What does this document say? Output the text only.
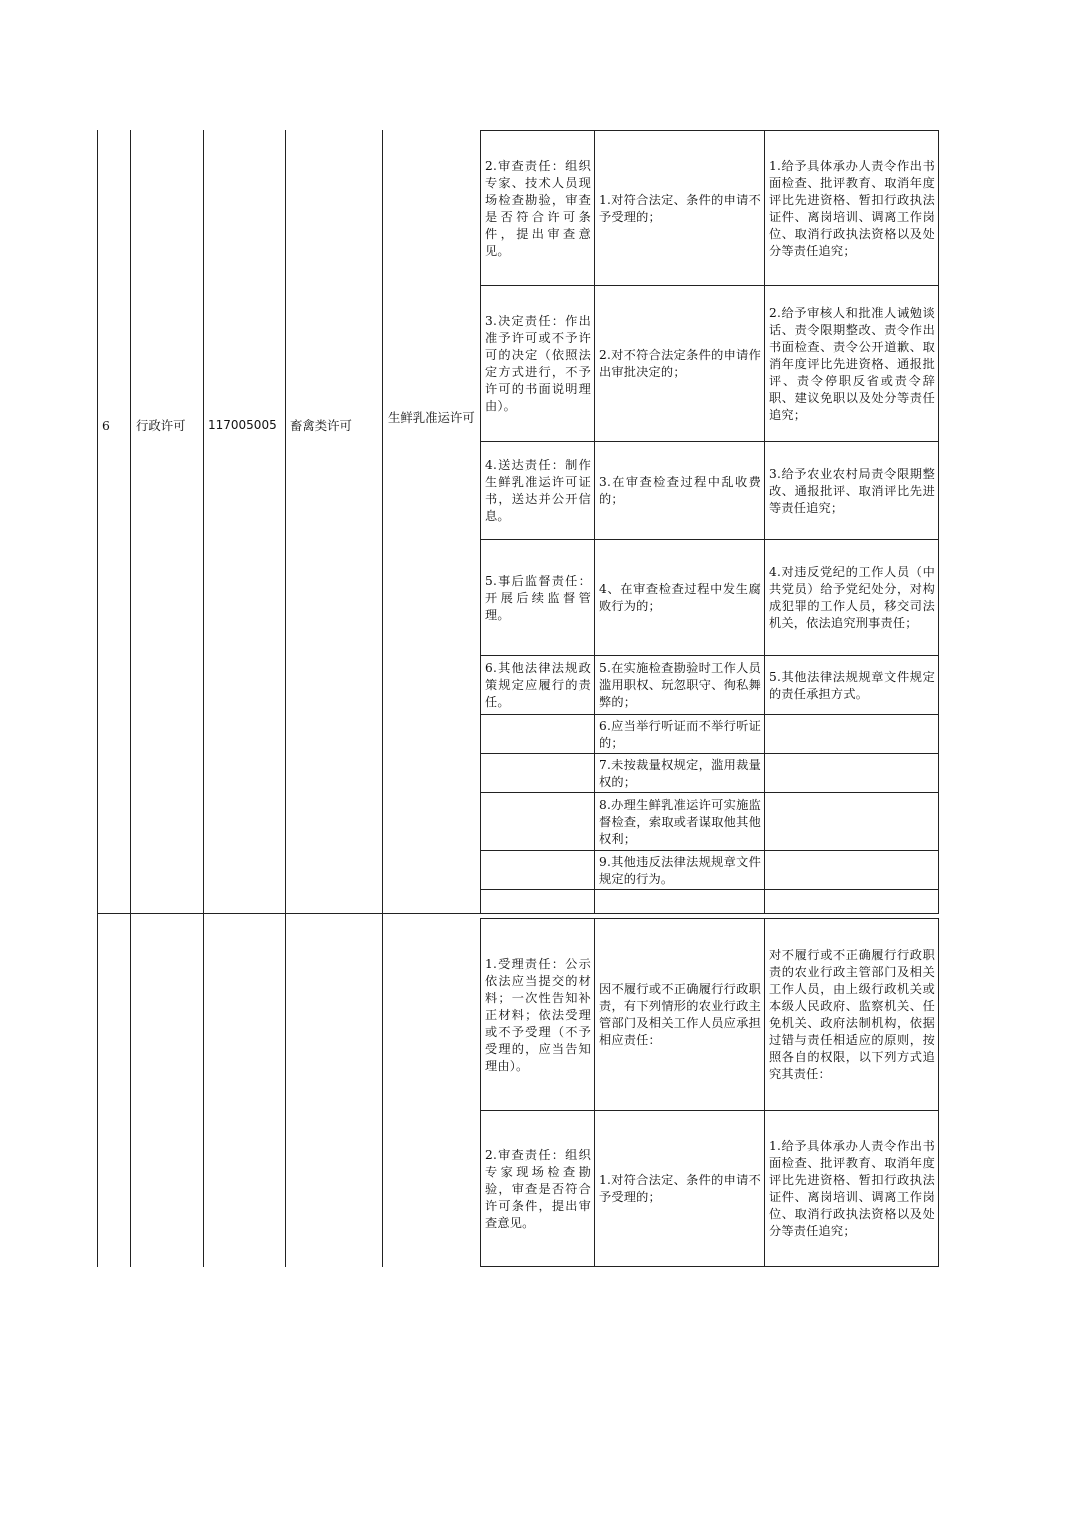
6 行政许可 117005005 畜禽类许可
生鲜乳准运许可
2.审查责任：组织专家、技术人员现场检查勘验，审查是否符合许可条件，提出审查意见。
1.对符合法定、条件的申请不予受理的；
1.给予具体承办人责令作出书面检查、批评教育、取消年度评比先进资格、暂扣行政执法证件、离岗培训、调离工作岗位、取消行政执法资格以及处分等责任追究；
3.决定责任：作出准予许可或不予许可的决定（依照法定方式进行，不予许可的书面说明理由）。
2.对不符合法定条件的申请作出审批决定的；
2.给予审核人和批准人诫勉谈话、责令限期整改、责令作出书面检查、责令公开道歉、取消年度评比先进资格、通报批评、责令停职反省或责令辞职、建议免职以及处分等责任追究；
4.送达责任：制作生鲜乳准运许可证书，送达并公开信息。
3.在审查检查过程中乱收费的；
3.给予农业农村局责令限期整改、通报批评、取消评比先进等责任追究；
5.事后监督责任：开展后续监督管理。
4、在审查检查过程中发生腐败行为的；
4.对违反党纪的工作人员（中共党员）给予党纪处分，对构成犯罪的工作人员，移交司法机关，依法追究刑事责任；
6.其他法律法规政策规定应履行的责任。
5.在实施检查勘验时工作人员滥用职权、玩忽职守、徇私舞弊的；
5.其他法律法规规章文件规定的责任承担方式。
6.应当举行听证而不举行听证的；
7.未按裁量权规定，滥用裁量权的；
8.办理生鲜乳准运许可实施监督检查，索取或者谋取他其他权利；
9.其他违反法律法规规章文件规定的行为。
1.受理责任：公示依法应当提交的材料；一次性告知补正材料；依法受理或不予受理（不予受理的，应当告知理由）。
因不履行或不正确履行行政职责，有下列情形的农业行政主管部门及相关工作人员应承担相应责任：
对不履行或不正确履行行政职责的农业行政主管部门及相关工作人员，由上级行政机关或本级人民政府、监察机关、任免机关、政府法制机构，依据过错与责任相适应的原则，按照各自的权限，以下列方式追究其责任：
2.审查责任：组织专家现场检查勘验，审查是否符合许可条件，提出审查意见。
1.对符合法定、条件的申请不予受理的；
1.给予具体承办人责令作出书面检查、批评教育、取消年度评比先进资格、暂扣行政执法证件、离岗培训、调离工作岗位、取消行政执法资格以及处分等责任追究；
